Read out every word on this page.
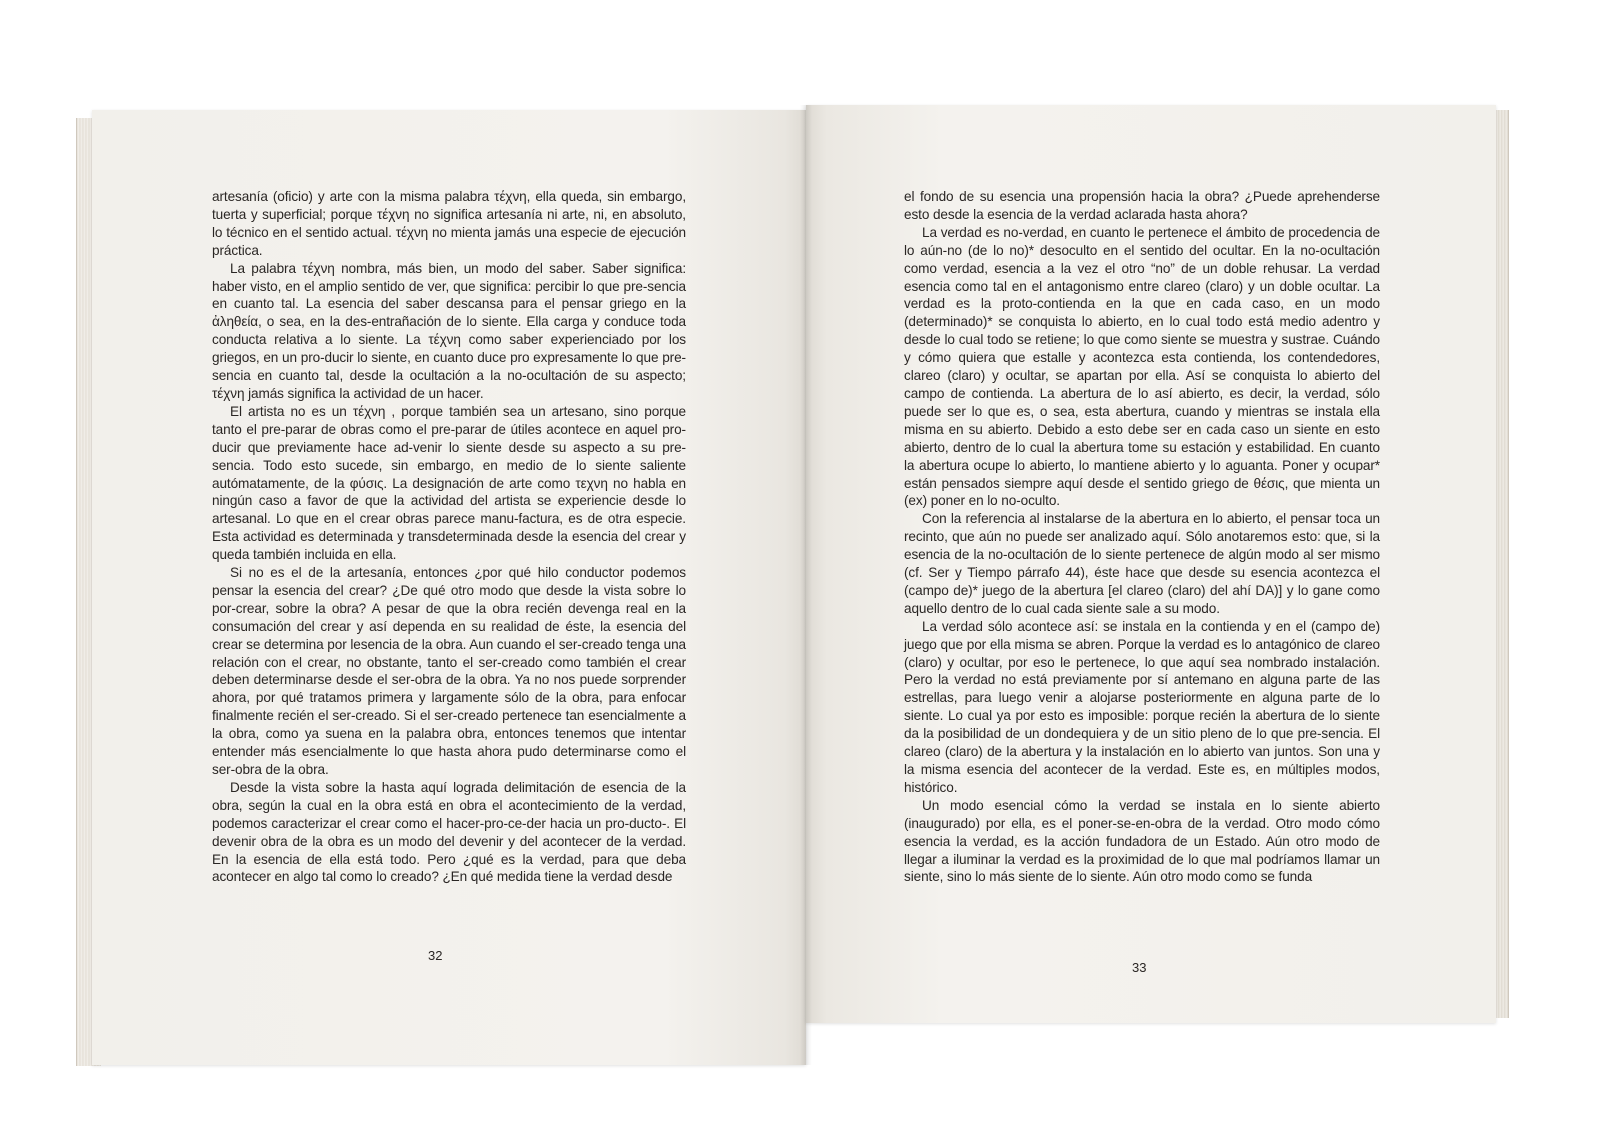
artesanía (oficio) y arte con la misma palabra τέχνη, ella queda, sin embargo, tuerta y superficial; porque τέχνη no significa artesanía ni arte, ni, en absoluto, lo técnico en el sentido actual. τέχνη no mienta jamás una especie de ejecución práctica.

La palabra τέχνη nombra, más bien, un modo del saber. Saber significa: haber visto, en el amplio sentido de ver, que significa: percibir lo que pre-sencia en cuanto tal. La esencia del saber descansa para el pensar griego en la ἀληθεία, o sea, en la des-entrañación de lo siente. Ella carga y conduce toda conducta relativa a lo siente. La τέχνη como saber experienciado por los griegos, en un pro-ducir lo siente, en cuanto duce pro expresamente lo que pre-sencia en cuanto tal, desde la ocultación a la no-ocultación de su aspecto; τέχνη jamás significa la actividad de un hacer.

El artista no es un τέχνη , porque también sea un artesano, sino porque tanto el pre-parar de obras como el pre-parar de útiles acontece en aquel pro-ducir que previamente hace ad-venir lo siente desde su aspecto a su pre-sencia. Todo esto sucede, sin embargo, en medio de lo siente saliente autómatamente, de la φύσις. La designación de arte como τεχνη no habla en ningún caso a favor de que la actividad del artista se experiencie desde lo artesanal. Lo que en el crear obras parece manu-factura, es de otra especie. Esta actividad es determinada y transdeterminada desde la esencia del crear y queda también incluida en ella.

Si no es el de la artesanía, entonces ¿por qué hilo conductor podemos pensar la esencia del crear? ¿De qué otro modo que desde la vista sobre lo por-crear, sobre la obra? A pesar de que la obra recién devenga real en la consumación del crear y así dependa en su realidad de éste, la esencia del crear se determina por lesencia de la obra. Aun cuando el ser-creado tenga una relación con el crear, no obstante, tanto el ser-creado como también el crear deben determinarse desde el ser-obra de la obra. Ya no nos puede sorprender ahora, por qué tratamos primera y largamente sólo de la obra, para enfocar finalmente recién el ser-creado. Si el ser-creado pertenece tan esencialmente a la obra, como ya suena en la palabra obra, entonces tenemos que intentar entender más esencialmente lo que hasta ahora pudo determinarse como el ser-obra de la obra.

Desde la vista sobre la hasta aquí lograda delimitación de esencia de la obra, según la cual en la obra está en obra el acontecimiento de la verdad, podemos caracterizar el crear como el hacer-pro-ce-der hacia un pro-ducto-. El devenir obra de la obra es un modo del devenir y del acontecer de la verdad. En la esencia de ella está todo. Pero ¿qué es la verdad, para que deba acontecer en algo tal como lo creado? ¿En qué medida tiene la verdad desde

el fondo de su esencia una propensión hacia la obra? ¿Puede aprehenderse esto desde la esencia de la verdad aclarada hasta ahora?

La verdad es no-verdad, en cuanto le pertenece el ámbito de procedencia de lo aún-no (de lo no)* desoculto en el sentido del ocultar. En la no-ocultación como verdad, esencia a la vez el otro “no” de un doble rehusar. La verdad esencia como tal en el antagonismo entre clareo (claro) y un doble ocultar. La verdad es la proto-contienda en la que en cada caso, en un modo (determinado)* se conquista lo abierto, en lo cual todo está medio adentro y desde lo cual todo se retiene; lo que como siente se muestra y sustrae. Cuándo y cómo quiera que estalle y acontezca esta contienda, los contendedores, clareo (claro) y ocultar, se apartan por ella. Así se conquista lo abierto del campo de contienda. La abertura de lo así abierto, es decir, la verdad, sólo puede ser lo que es, o sea, esta abertura, cuando y mientras se instala ella misma en su abierto. Debido a esto debe ser en cada caso un siente en esto abierto, dentro de lo cual la abertura tome su estación y estabilidad. En cuanto la abertura ocupe lo abierto, lo mantiene abierto y lo aguanta. Poner y ocupar* están pensados siempre aquí desde el sentido griego de θέσις, que mienta un (ex) poner en lo no-oculto.

Con la referencia al instalarse de la abertura en lo abierto, el pensar toca un recinto, que aún no puede ser analizado aquí. Sólo anotaremos esto: que, si la esencia de la no-ocultación de lo siente pertenece de algún modo al ser mismo (cf. Ser y Tiempo párrafo 44), éste hace que desde su esencia acontezca el (campo de)* juego de la abertura [el clareo (claro) del ahí DA)] y lo gane como aquello dentro de lo cual cada siente sale a su modo.

La verdad sólo acontece así: se instala en la contienda y en el (campo de) juego que por ella misma se abren. Porque la verdad es lo antagónico de clareo (claro) y ocultar, por eso le pertenece, lo que aquí sea nombrado instalación. Pero la verdad no está previamente por sí antemano en alguna parte de las estrellas, para luego venir a alojarse posteriormente en alguna parte de lo siente. Lo cual ya por esto es imposible: porque recién la abertura de lo siente da la posibilidad de un dondequiera y de un sitio pleno de lo que pre-sencia. El clareo (claro) de la abertura y la instalación en lo abierto van juntos. Son una y la misma esencia del acontecer de la verdad. Este es, en múltiples modos, histórico.

Un modo esencial cómo la verdad se instala en lo siente abierto (inaugurado) por ella, es el poner-se-en-obra de la verdad. Otro modo cómo esencia la verdad, es la acción fundadora de un Estado. Aún otro modo de llegar a iluminar la verdad es la proximidad de lo que mal podríamos llamar un siente, sino lo más siente de lo siente. Aún otro modo como se funda

32
33
